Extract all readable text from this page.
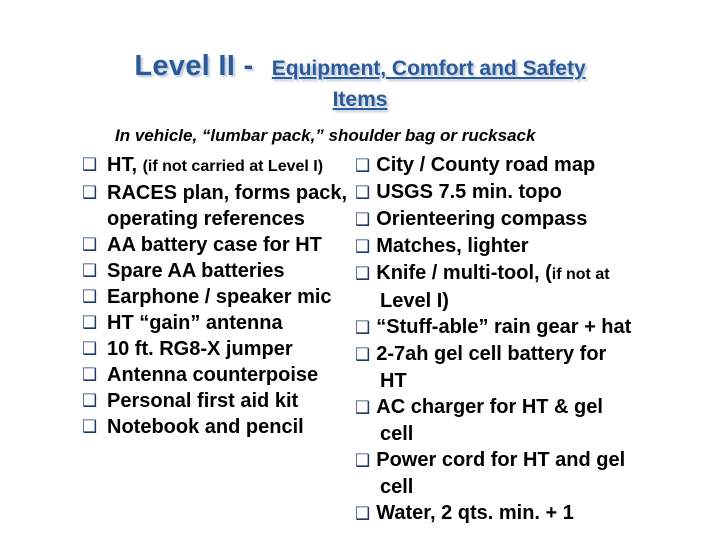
Level II - Equipment, Comfort and Safety
Items
In vehicle, “lumbar pack,” shoulder bag or rucksack
❑ HT, (if not carried at Level I)
❑ RACES plan, forms pack,
operating references
❑ AA battery case for HT
❑ Spare AA batteries
❑ Earphone / speaker mic
❑ HT “gain” antenna
❑ 10 ft. RG8-X jumper
❑ Antenna counterpoise
❑ Personal first aid kit
❑ Notebook and pencil
❑ City / County road map
❑ USGS 7.5 min. topo
❑ Orienteering compass
❑ Matches, lighter
❑ Knife / multi-tool, (if not at
Level I)
❑ “Stuff-able” rain gear + hat
❑ 2-7ah gel cell battery for
HT
❑ AC charger for HT & gel
cell
❑ Power cord for HT and gel
cell
❑ Water, 2 qts. min. + 1
